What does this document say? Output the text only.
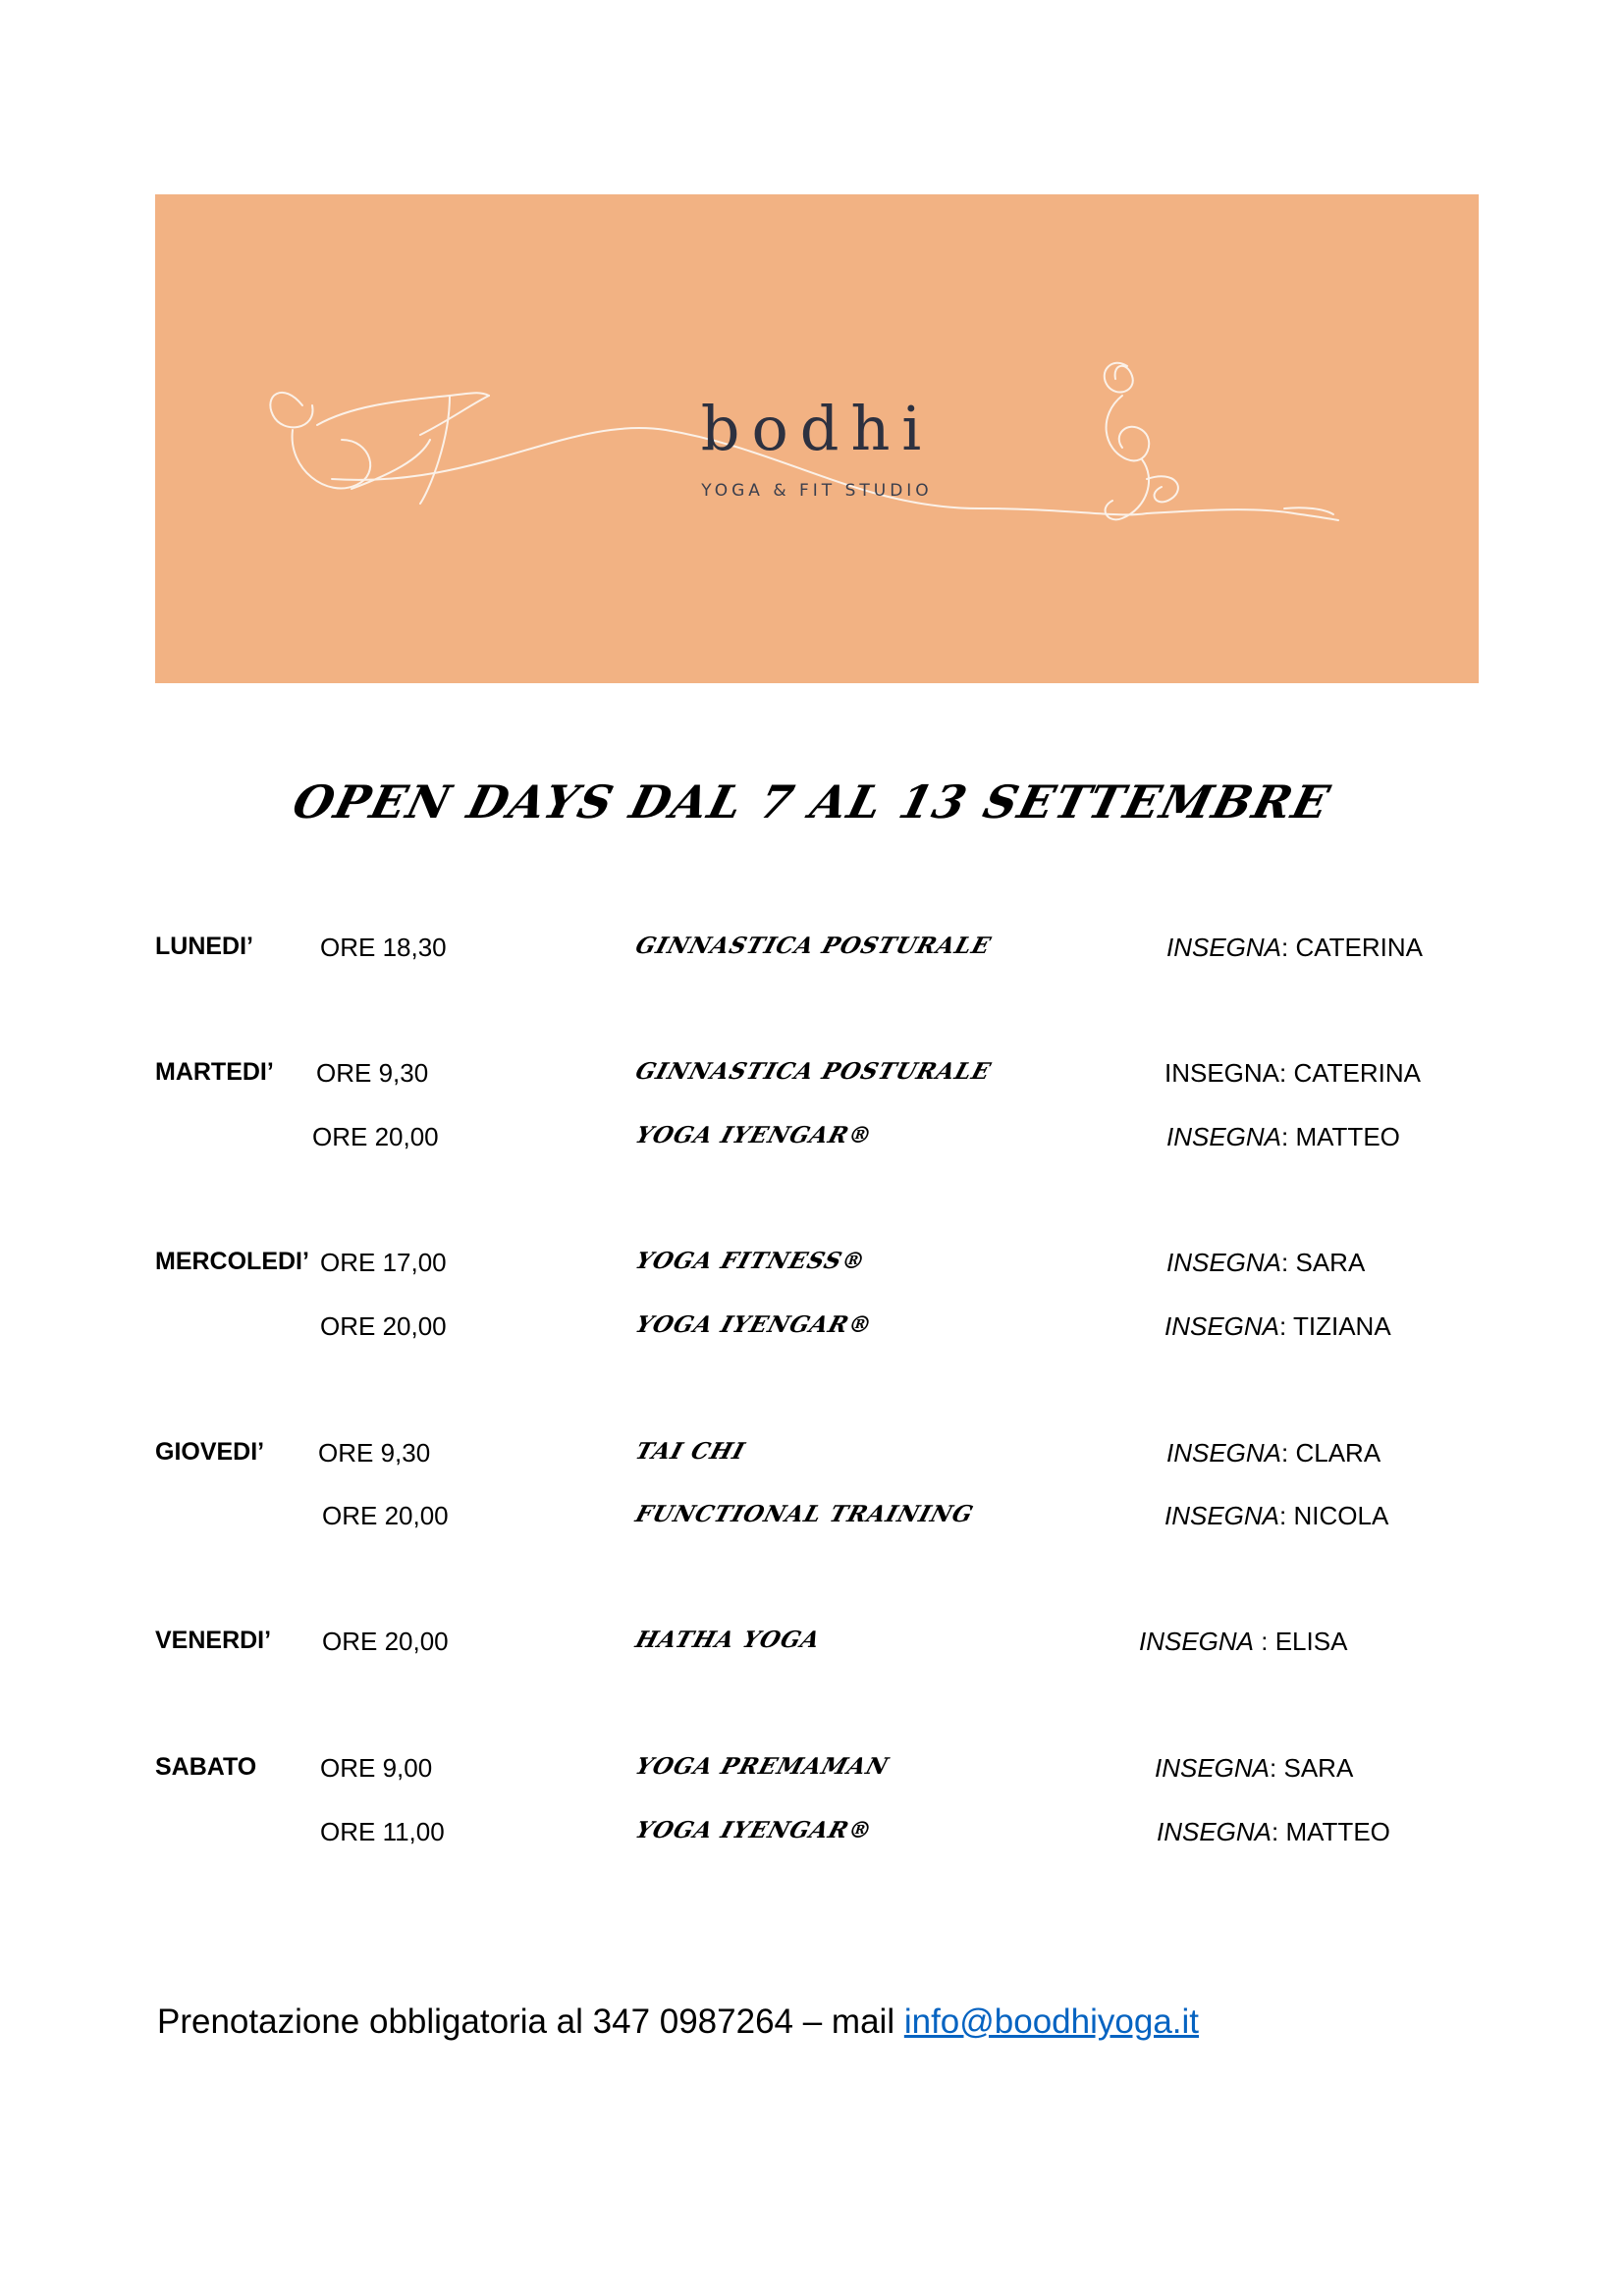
bodhi
YOGA & FIT STUDIO
OPEN DAYS DAL 7 AL 13 SETTEMBRE
LUNEDI’	ORE 18,30	GINNASTICA POSTURALE	INSEGNA: CATERINA
MARTEDI’ ORE 9,30	GINNASTICA POSTURALE	INSEGNA: CATERINA
ORE 20,00	YOGA IYENGAR®	INSEGNA: MATTEO
MERCOLEDI’ ORE 17,00	YOGA FITNESS®	INSEGNA: SARA
ORE 20,00	YOGA IYENGAR®	INSEGNA: TIZIANA
GIOVEDI’ ORE 9,30	TAI CHI	INSEGNA: CLARA
ORE 20,00	FUNCTIONAL TRAINING	INSEGNA: NICOLA
VENERDI’ ORE 20,00	HATHA YOGA	INSEGNA : ELISA
SABATO ORE 9,00	YOGA PREMAMAN	INSEGNA: SARA
ORE 11,00	YOGA IYENGAR®	INSEGNA: MATTEO
Prenotazione obbligatoria al 347 0987264 – mail info@boodhiyoga.it
